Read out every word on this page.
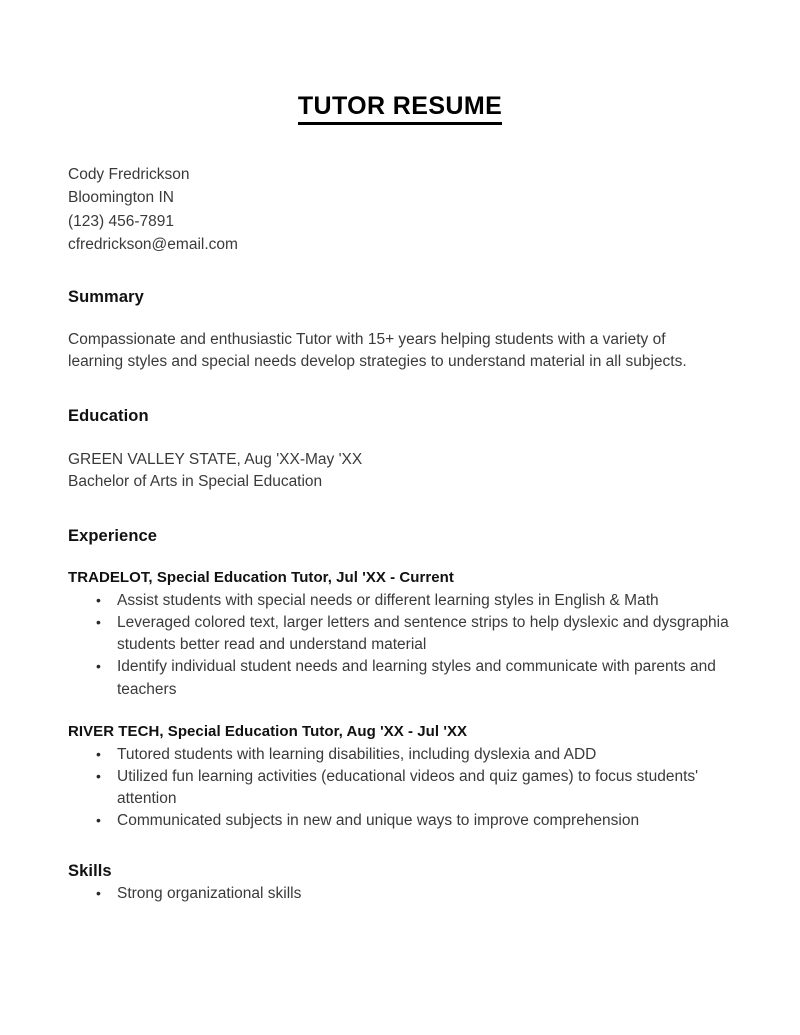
TUTOR RESUME
Cody Fredrickson
Bloomington IN
(123) 456-7891
cfredrickson@email.com
Summary
Compassionate and enthusiastic Tutor with 15+ years helping students with a variety of learning styles and special needs develop strategies to understand material in all subjects.
Education
GREEN VALLEY STATE, Aug 'XX-May 'XX
Bachelor of Arts in Special Education
Experience
TRADELOT, Special Education Tutor, Jul 'XX - Current
• Assist students with special needs or different learning styles in English & Math
• Leveraged colored text, larger letters and sentence strips to help dyslexic and dysgraphia students better read and understand material
• Identify individual student needs and learning styles and communicate with parents and teachers
RIVER TECH, Special Education Tutor, Aug 'XX - Jul 'XX
• Tutored students with learning disabilities, including dyslexia and ADD
• Utilized fun learning activities (educational videos and quiz games) to focus students' attention
• Communicated subjects in new and unique ways to improve comprehension
Skills
• Strong organizational skills
